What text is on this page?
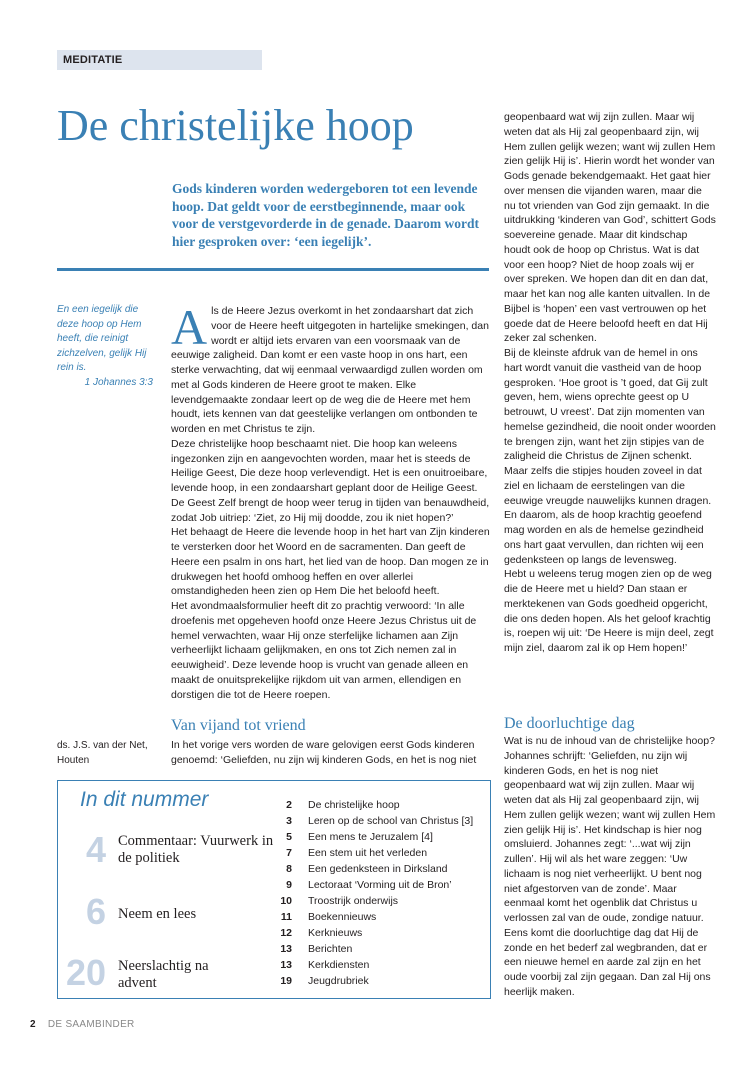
MEDITATIE
De christelijke hoop
Gods kinderen worden wedergeboren tot een levende hoop. Dat geldt voor de eerstbeginnende, maar ook voor de verstgevorderde in de genade. Daarom wordt hier gesproken over: ‘een iegelijk’.
En een iegelijk die deze hoop op Hem heeft, die reinigt zichzelven, gelijk Hij rein is.
1 Johannes 3:3
ds. J.S. van der Net, Houten
A ls de Heere Jezus overkomt in het zondaarshart dat zich voor de Heere heeft uitgegoten in hartelijke smekingen, dan wordt er altijd iets ervaren van een voorsmaak van de eeuwige zaligheid. Dan komt er een vaste hoop in ons hart, een sterke verwachting, dat wij eenmaal verwaardigd zullen worden om met al Gods kinderen de Heere groot te maken. Elke levendgemaakte zondaar leert op de weg die de Heere met hem houdt, iets kennen van dat geestelijke verlangen om ontbonden te worden en met Christus te zijn.
Deze christelijke hoop beschaamt niet. Die hoop kan weleens ingezonken zijn en aangevochten worden, maar het is steeds de Heilige Geest, Die deze hoop verlevendigt. Het is een onuitroeibare, levende hoop, in een zondaarshart geplant door de Heilige Geest. De Geest Zelf brengt de hoop weer terug in tijden van benauwdheid, zodat Job uitriep: ‘Ziet, zo Hij mij doodde, zou ik niet hopen?’
Het behaagt de Heere die levende hoop in het hart van Zijn kinderen te versterken door het Woord en de sacramenten. Dan geeft de Heere een psalm in ons hart, het lied van de hoop. Dan mogen ze in drukwegen het hoofd omhoog heffen en over allerlei omstandigheden heen zien op Hem Die het beloofd heeft.
Het avondmaalsformulier heeft dit zo prachtig verwoord: ‘In alle droefenis met opgeheven hoofd onze Heere Jezus Christus uit de hemel verwachten, waar Hij onze sterfelijke lichamen aan Zijn verheerlijkt lichaam gelijkmaken, en ons tot Zich nemen zal in eeuwigheid’. Deze levende hoop is vrucht van genade alleen en maakt de onuitsprekelijke rijkdom uit van armen, ellendigen en dorstigen die tot de Heere roepen.
Van vijand tot vriend
In het vorige vers worden de ware gelovigen eerst Gods kinderen genoemd: ‘Geliefden, nu zijn wij kinderen Gods, en het is nog niet
geopenbaard wat wij zijn zullen. Maar wij weten dat als Hij zal geopenbaard zijn, wij Hem zullen gelijk wezen; want wij zullen Hem zien gelijk Hij is’. Hierin wordt het wonder van Gods genade bekendgemaakt. Het gaat hier over mensen die vijanden waren, maar die nu tot vrienden van God zijn gemaakt. In die uitdrukking ‘kinderen van God’, schittert Gods soevereine genade. Maar dit kindschap houdt ook de hoop op Christus. Wat is dat voor een hoop? Niet de hoop zoals wij er over spreken. We hopen dan dit en dan dat, maar het kan nog alle kanten uitvallen. In de Bijbel is ‘hopen’ een vast vertrouwen op het goede dat de Heere beloofd heeft en dat Hij zeker zal schenken.
Bij de kleinste afdruk van de hemel in ons hart wordt vanuit die vastheid van de hoop gesproken. ‘Hoe groot is ’t goed, dat Gij zult geven, hem, wiens oprechte geest op U betrouwt, U vreest’. Dat zijn momenten van hemelse gezindheid, die nooit onder woorden te brengen zijn, want het zijn stipjes van de zaligheid die Christus de Zijnen schenkt. Maar zelfs die stipjes houden zoveel in dat ziel en lichaam de eerstelingen van die eeuwige vreugde nauwelijks kunnen dragen. En daarom, als de hoop krachtig geoefend mag worden en als de hemelse gezindheid ons hart gaat vervullen, dan richten wij een gedenksteen op langs de levensweg.
Hebt u weleens terug mogen zien op de weg die de Heere met u hield? Dan staan er merktekenen van Gods goedheid opgericht, die ons deden hopen. Als het geloof krachtig is, roepen wij uit: ‘De Heere is mijn deel, zegt mijn ziel, daarom zal ik op Hem hopen!’
De doorluchtige dag
Wat is nu de inhoud van de christelijke hoop? Johannes schrijft: ‘Geliefden, nu zijn wij kinderen Gods, en het is nog niet geopenbaard wat wij zijn zullen. Maar wij weten dat als Hij zal geopenbaard zijn, wij Hem zullen gelijk wezen; want wij zullen Hem zien gelijk Hij is’. Het kindschap is hier nog omsluierd. Johannes zegt: ‘...wat wij zijn zullen’. Hij wil als het ware zeggen: ‘Uw lichaam is nog niet verheerlijkt. U bent nog niet afgestorven van de zonde’. Maar eenmaal komt het ogenblik dat Christus u verlossen zal van de oude, zondige natuur. Eens komt die doorluchtige dag dat Hij de zonde en het bederf zal wegbranden, dat er een nieuwe hemel en aarde zal zijn en het oude voorbij zal zijn gegaan. Dan zal Hij ons heerlijk maken.
In dit nummer
4 Commentaar: Vuurwerk in de politiek
6 Neem en lees
20 Neerslachtig na advent
2 De christelijke hoop
3 Leren op de school van Christus [3]
5 Een mens te Jeruzalem [4]
7 Een stem uit het verleden
8 Een gedenksteen in Dirksland
9 Lectoraat ‘Vorming uit de Bron’
10 Troostrijk onderwijs
11 Boekennieuws
12 Kerknieuws
13 Berichten
13 Kerkdiensten
19 Jeugdrubriek
2 DE SAAMBINDER
